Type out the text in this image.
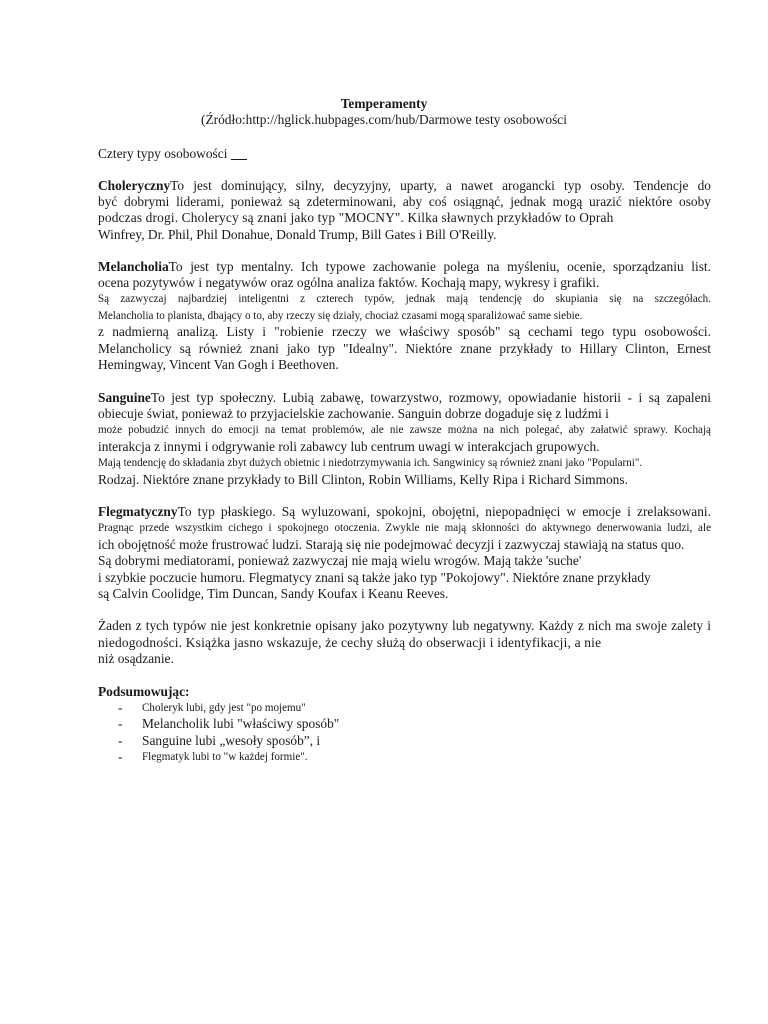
Temperamenty
(Źródło:http://hglick.hubpages.com/hub/Darmowe testy osobowości
Cztery typy osobowości
CholerycznyTo jest dominujący, silny, decyzyjny, uparty, a nawet arogancki typ osoby. Tendencje do
być dobrymi liderami, ponieważ są zdeterminowani, aby coś osiągnąć, jednak mogą urazić niektóre osoby
podczas drogi. Cholerycy są znani jako typ "MOCNY". Kilka sławnych przykładów to Oprah
Winfrey, Dr. Phil, Phil Donahue, Donald Trump, Bill Gates i Bill O'Reilly.
MelancholiaTo jest typ mentalny. Ich typowe zachowanie polega na myśleniu, ocenie, sporządzaniu list.
ocena pozytywów i negatywów oraz ogólna analiza faktów. Kochają mapy, wykresy i grafiki.
Są zazwyczaj najbardziej inteligentni z czterech typów, jednak mają tendencję do skupiania się na szczegółach.
Melancholia to planista, dbający o to, aby rzeczy się działy, chociaż czasami mogą sparaliżować same siebie.
z nadmierną analizą. Listy i "robienie rzeczy we właściwy sposób" są cechami tego typu osobowości.
Melancholicy są również znani jako typ "Idealny". Niektóre znane przykłady to Hillary Clinton, Ernest
Hemingway, Vincent Van Gogh i Beethoven.
SanguineTo jest typ społeczny. Lubią zabawę, towarzystwo, rozmowy, opowiadanie historii - i są zapaleni
obiecuje świat, ponieważ to przyjacielskie zachowanie. Sanguin dobrze dogaduje się z ludźmi i
może pobudzić innych do emocji na temat problemów, ale nie zawsze można na nich polegać, aby załatwić sprawy. Kochają
interakcja z innymi i odgrywanie roli zabawcy lub centrum uwagi w interakcjach grupowych.
Mają tendencję do składania zbyt dużych obietnic i niedotrzymywania ich. Sangwinicy są również znani jako "Popularni".
Rodzaj. Niektóre znane przykłady to Bill Clinton, Robin Williams, Kelly Ripa i Richard Simmons.
FlegmatycznyTo typ płaskiego. Są wyluzowani, spokojni, obojętni, niepopadnięci w emocje i zrelaksowani.
Pragnąc przede wszystkim cichego i spokojnego otoczenia. Zwykle nie mają skłonności do aktywnego denerwowania ludzi, ale
ich obojętność może frustrować ludzi. Starają się nie podejmować decyzji i zazwyczaj stawiają na status quo.
Są dobrymi mediatorami, ponieważ zazwyczaj nie mają wielu wrogów. Mają także 'suche'
i szybkie poczucie humoru. Flegmatycy znani są także jako typ "Pokojowy". Niektóre znane przykłady
są Calvin Coolidge, Tim Duncan, Sandy Koufax i Keanu Reeves.
Żaden z tych typów nie jest konkretnie opisany jako pozytywny lub negatywny. Każdy z nich ma swoje zalety i
niedogodności. Książka jasno wskazuje, że cechy służą do obserwacji i identyfikacji, a nie
niż osądzanie.
Podsumowując:
- Choleryk lubi, gdy jest "po mojemu"
- Melancholik lubi "właściwy sposób"
- Sanguine lubi „wesoły sposób”, i
- Flegmatyk lubi to "w każdej formie".
